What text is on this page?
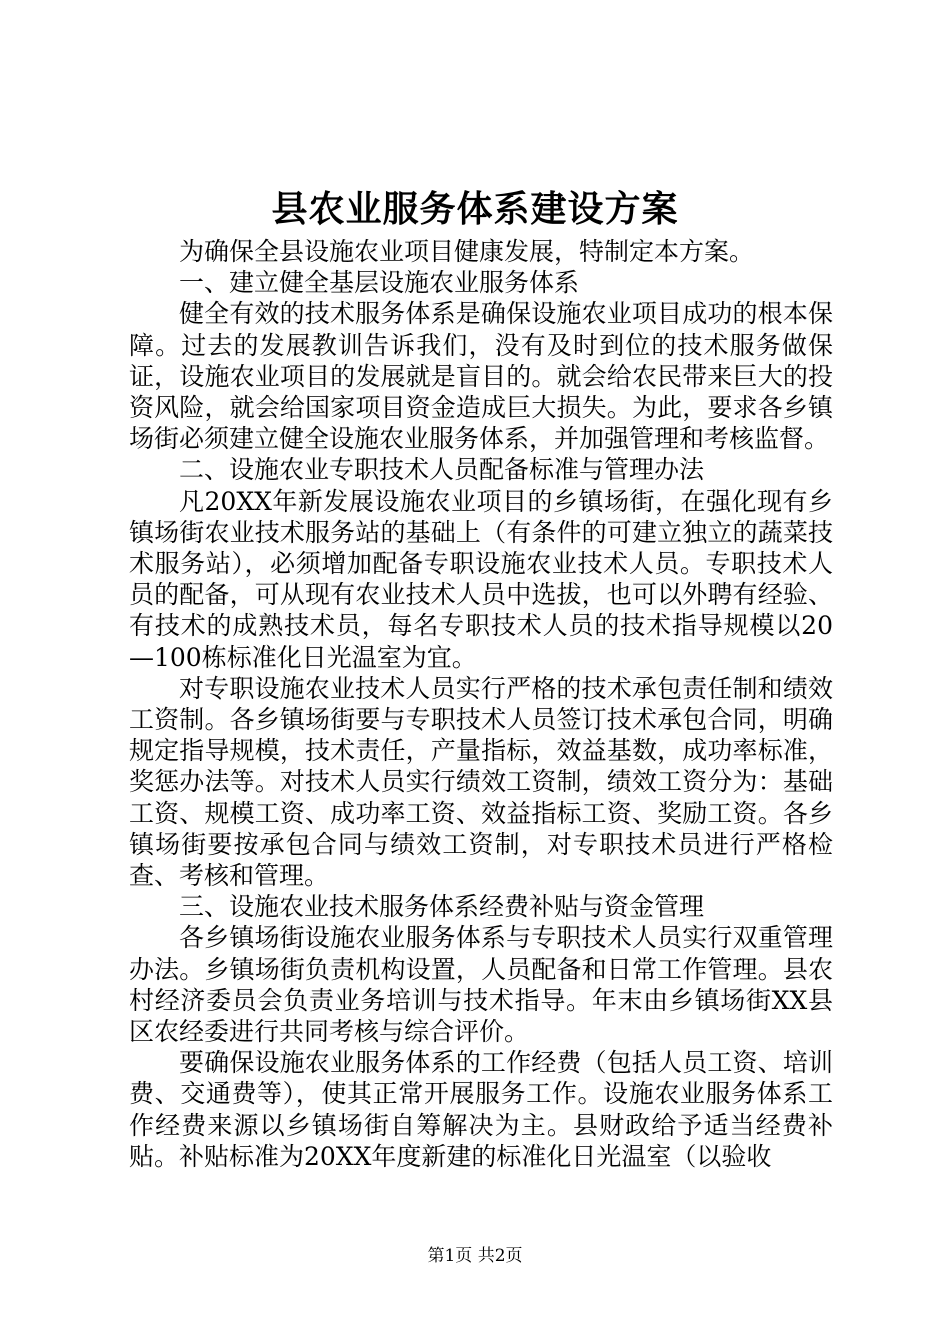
县农业服务体系建设方案

为确保全县设施农业项目健康发展，特制定本方案。

一、建立健全基层设施农业服务体系

健全有效的技术服务体系是确保设施农业项目成功的根本保障。过去的发展教训告诉我们，没有及时到位的技术服务做保证，设施农业项目的发展就是盲目的。就会给农民带来巨大的投资风险，就会给国家项目资金造成巨大损失。为此，要求各乡镇场街必须建立健全设施农业服务体系，并加强管理和考核监督。

二、设施农业专职技术人员配备标准与管理办法

凡20XX年新发展设施农业项目的乡镇场街，在强化现有乡镇场街农业技术服务站的基础上（有条件的可建立独立的蔬菜技术服务站），必须增加配备专职设施农业技术人员。专职技术人员的配备，可从现有农业技术人员中选拔，也可以外聘有经验、有技术的成熟技术员，每名专职技术人员的技术指导规模以20—100栋标准化日光温室为宜。

对专职设施农业技术人员实行严格的技术承包责任制和绩效工资制。各乡镇场街要与专职技术人员签订技术承包合同，明确规定指导规模，技术责任，产量指标，效益基数，成功率标准，奖惩办法等。对技术人员实行绩效工资制，绩效工资分为：基础工资、规模工资、成功率工资、效益指标工资、奖励工资。各乡镇场街要按承包合同与绩效工资制，对专职技术员进行严格检查、考核和管理。

三、设施农业技术服务体系经费补贴与资金管理

各乡镇场街设施农业服务体系与专职技术人员实行双重管理办法。乡镇场街负责机构设置，人员配备和日常工作管理。县农村经济委员会负责业务培训与技术指导。年末由乡镇场街XX县区农经委进行共同考核与综合评价。

要确保设施农业服务体系的工作经费（包括人员工资、培训费、交通费等），使其正常开展服务工作。设施农业服务体系工作经费来源以乡镇场街自筹解决为主。县财政给予适当经费补贴。补贴标准为20XX年度新建的标准化日光温室（以验收

第1页 共2页
